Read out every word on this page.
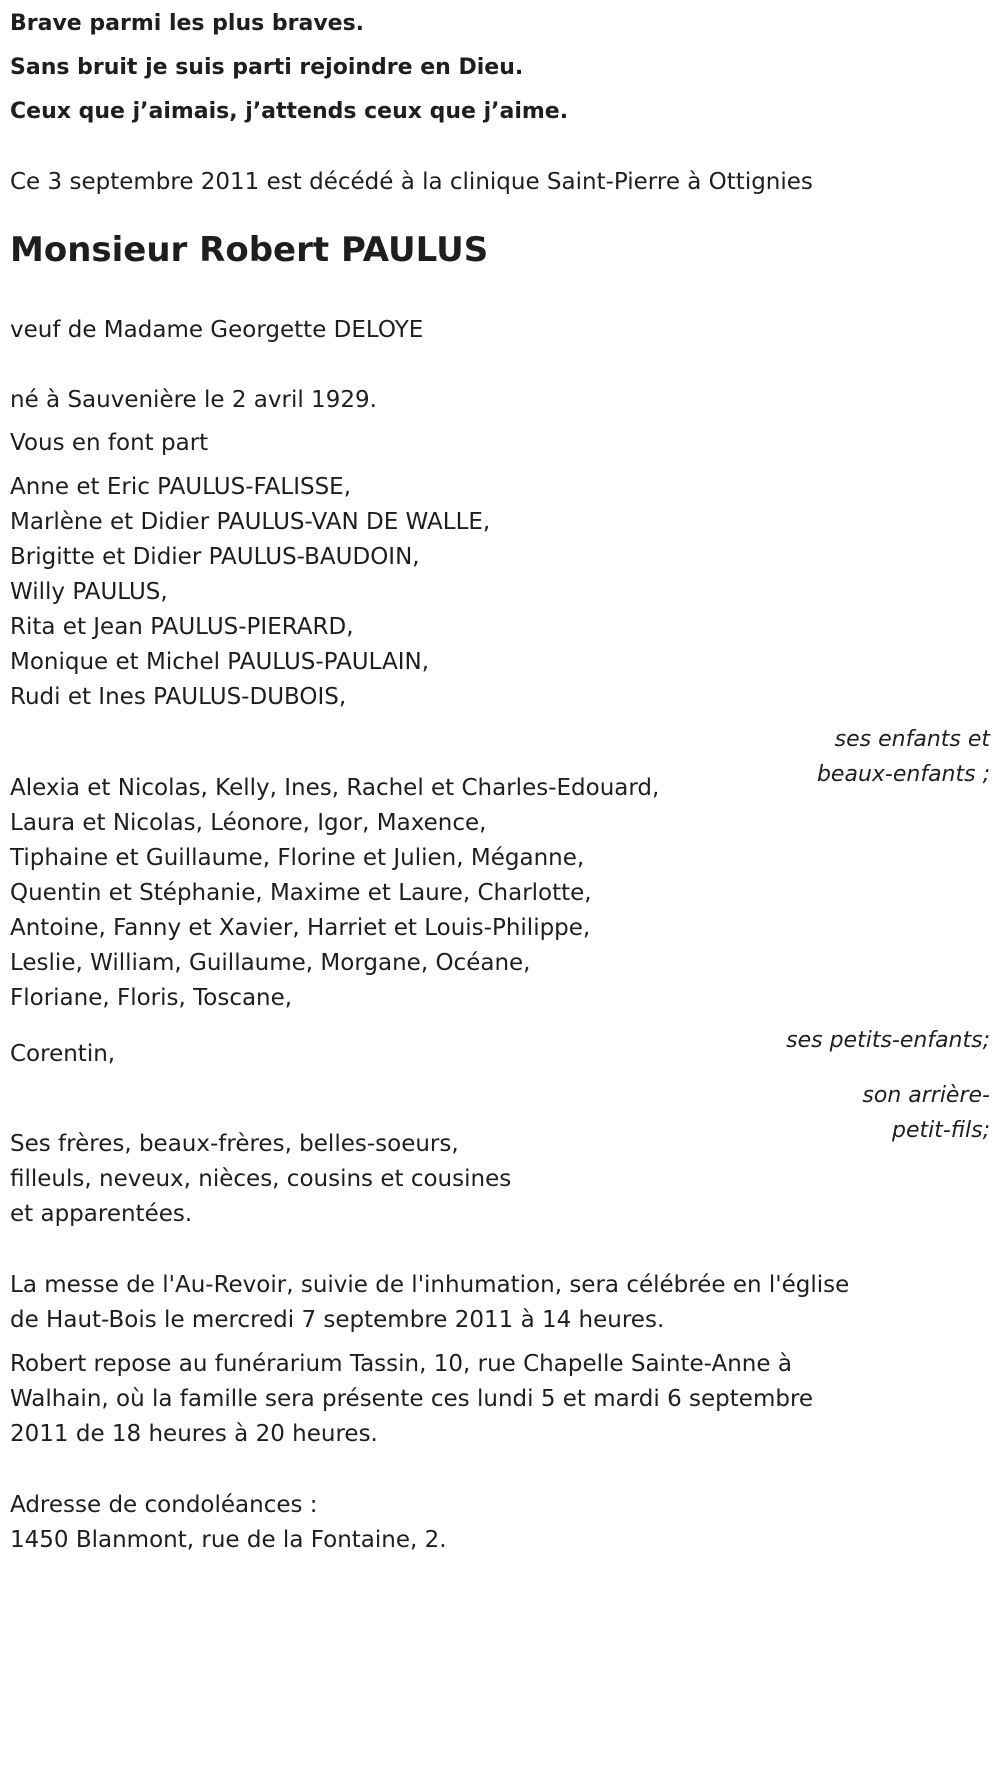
Brave parmi les plus braves.

Sans bruit je suis parti rejoindre en Dieu.

Ceux que j’aimais, j’attends ceux que j’aime.

Ce 3 septembre 2011 est décédé à la clinique Saint-Pierre à Ottignies

Monsieur Robert PAULUS

veuf de Madame Georgette DELOYE

né à Sauvenière le 2 avril 1929.

Vous en font part

Anne et Eric PAULUS-FALISSE,

Marlène et Didier PAULUS-VAN DE WALLE,

Brigitte et Didier PAULUS-BAUDOIN,

Willy PAULUS,

Rita et Jean PAULUS-PIERARD,

Monique et Michel PAULUS-PAULAIN,

Rudi et Ines PAULUS-DUBOIS,

ses enfants et

beaux-enfants ;

Alexia et Nicolas, Kelly, Ines, Rachel et Charles-Edouard,

Laura et Nicolas, Léonore, Igor, Maxence,

Tiphaine et Guillaume, Florine et Julien, Méganne,

Quentin et Stéphanie, Maxime et Laure, Charlotte,

Antoine, Fanny et Xavier, Harriet et Louis-Philippe,

Leslie, William, Guillaume, Morgane, Océane,

Floriane, Floris, Toscane,

ses petits-enfants;

Corentin,

son arrière-

petit-fils;

Ses frères, beaux-frères, belles-soeurs,

filleuls, neveux, nièces, cousins et cousines

et apparentées.

La messe de l'Au-Revoir, suivie de l'inhumation, sera célébrée en l'église

de Haut-Bois le mercredi 7 septembre 2011 à 14 heures.

Robert repose au funérarium Tassin, 10, rue Chapelle Sainte-Anne à

Walhain, où la famille sera présente ces lundi 5 et mardi 6 septembre

2011 de 18 heures à 20 heures.

Adresse de condoléances :

1450 Blanmont, rue de la Fontaine, 2.
